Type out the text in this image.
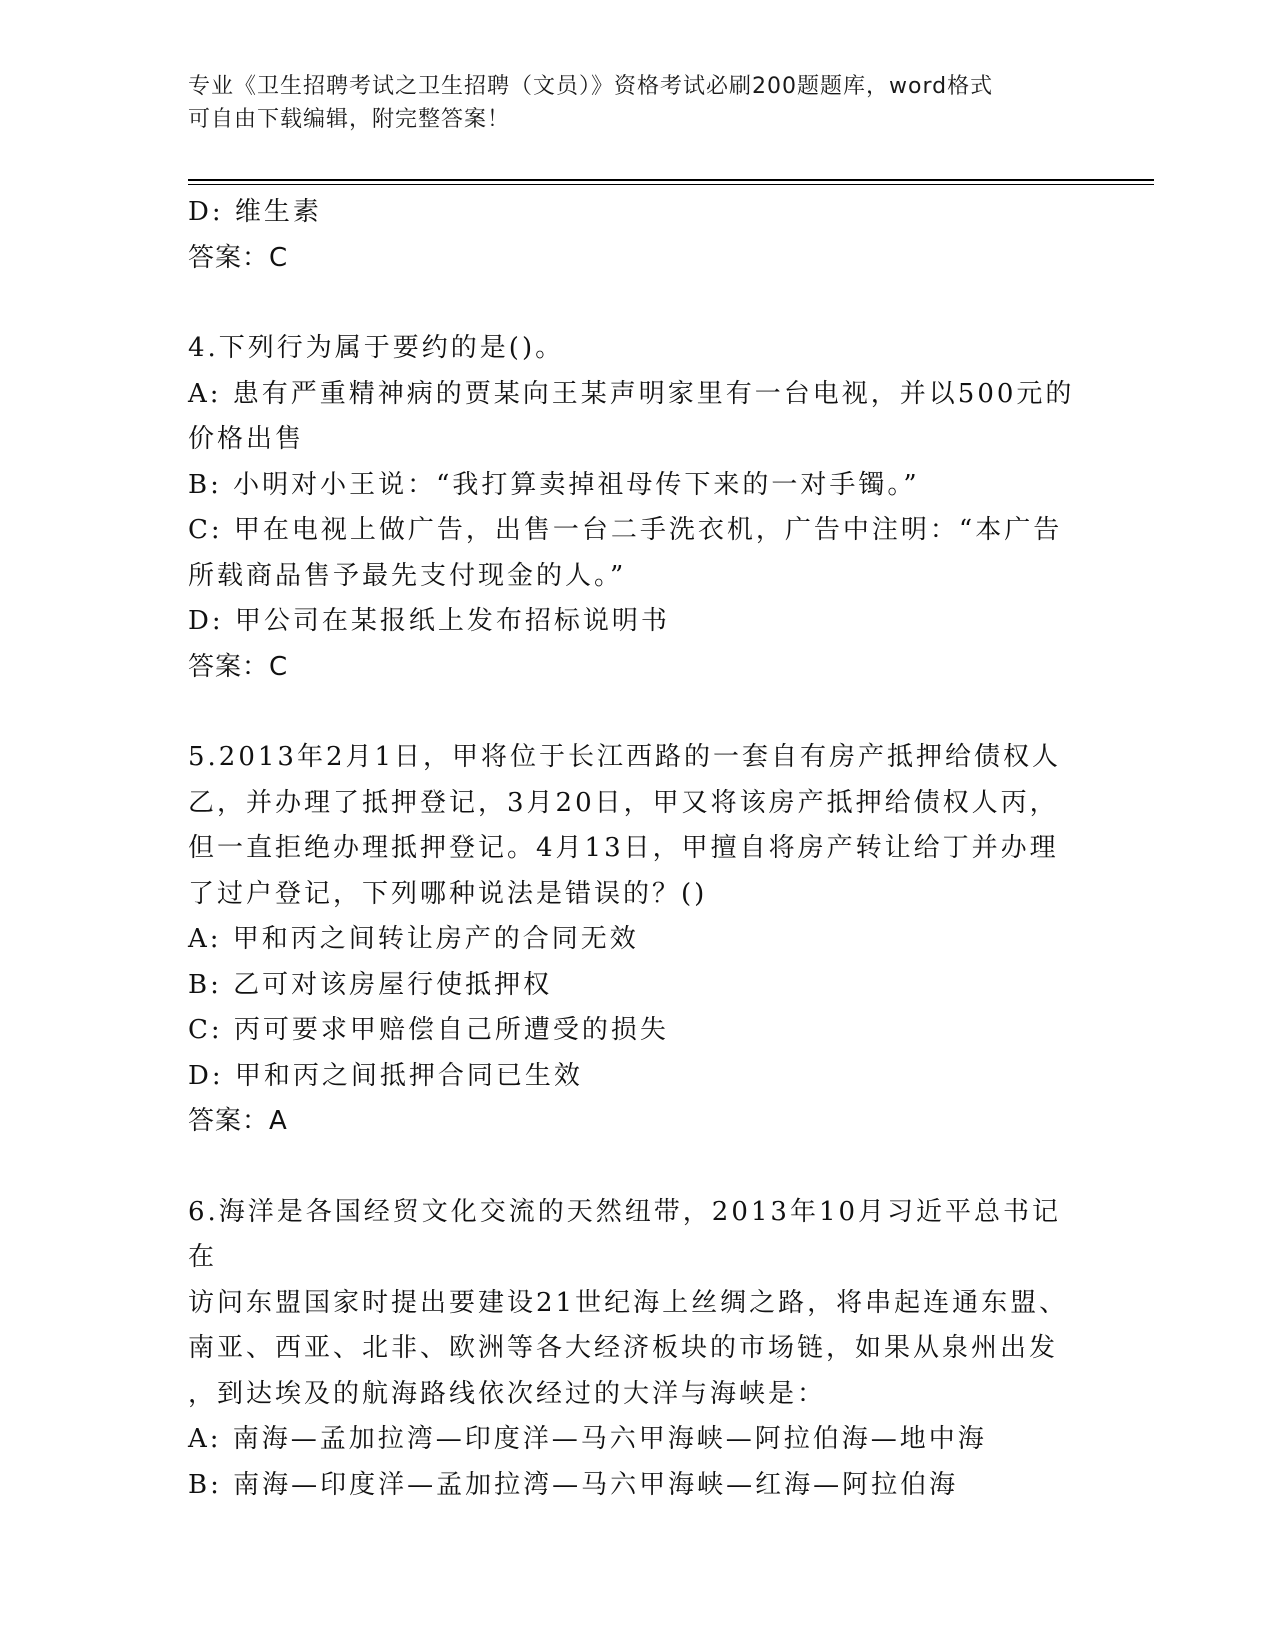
专业《卫生招聘考试之卫生招聘（文员）》资格考试必刷200题题库，word格式
可自由下载编辑，附完整答案！
D: 维生素
答案：C
4.下列行为属于要约的是()。
A: 患有严重精神病的贾某向王某声明家里有一台电视，并以500元的
价格出售
B: 小明对小王说：“我打算卖掉祖母传下来的一对手镯。”
C: 甲在电视上做广告，出售一台二手洗衣机，广告中注明：“本广告
所载商品售予最先支付现金的人。”
D: 甲公司在某报纸上发布招标说明书
答案：C
5.2013年2月1日，甲将位于长江西路的一套自有房产抵押给债权人
乙，并办理了抵押登记，3月20日，甲又将该房产抵押给债权人丙，
但一直拒绝办理抵押登记。4月13日，甲擅自将房产转让给丁并办理
了过户登记，下列哪种说法是错误的？()
A: 甲和丙之间转让房产的合同无效
B: 乙可对该房屋行使抵押权
C: 丙可要求甲赔偿自己所遭受的损失
D: 甲和丙之间抵押合同已生效
答案：A
6.海洋是各国经贸文化交流的天然纽带，2013年10月习近平总书记在
访问东盟国家时提出要建设21世纪海上丝绸之路，将串起连通东盟、
南亚、西亚、北非、欧洲等各大经济板块的市场链，如果从泉州出发
，到达埃及的航海路线依次经过的大洋与海峡是：
A: 南海—孟加拉湾—印度洋—马六甲海峡—阿拉伯海—地中海
B: 南海—印度洋—孟加拉湾—马六甲海峡—红海—阿拉伯海
